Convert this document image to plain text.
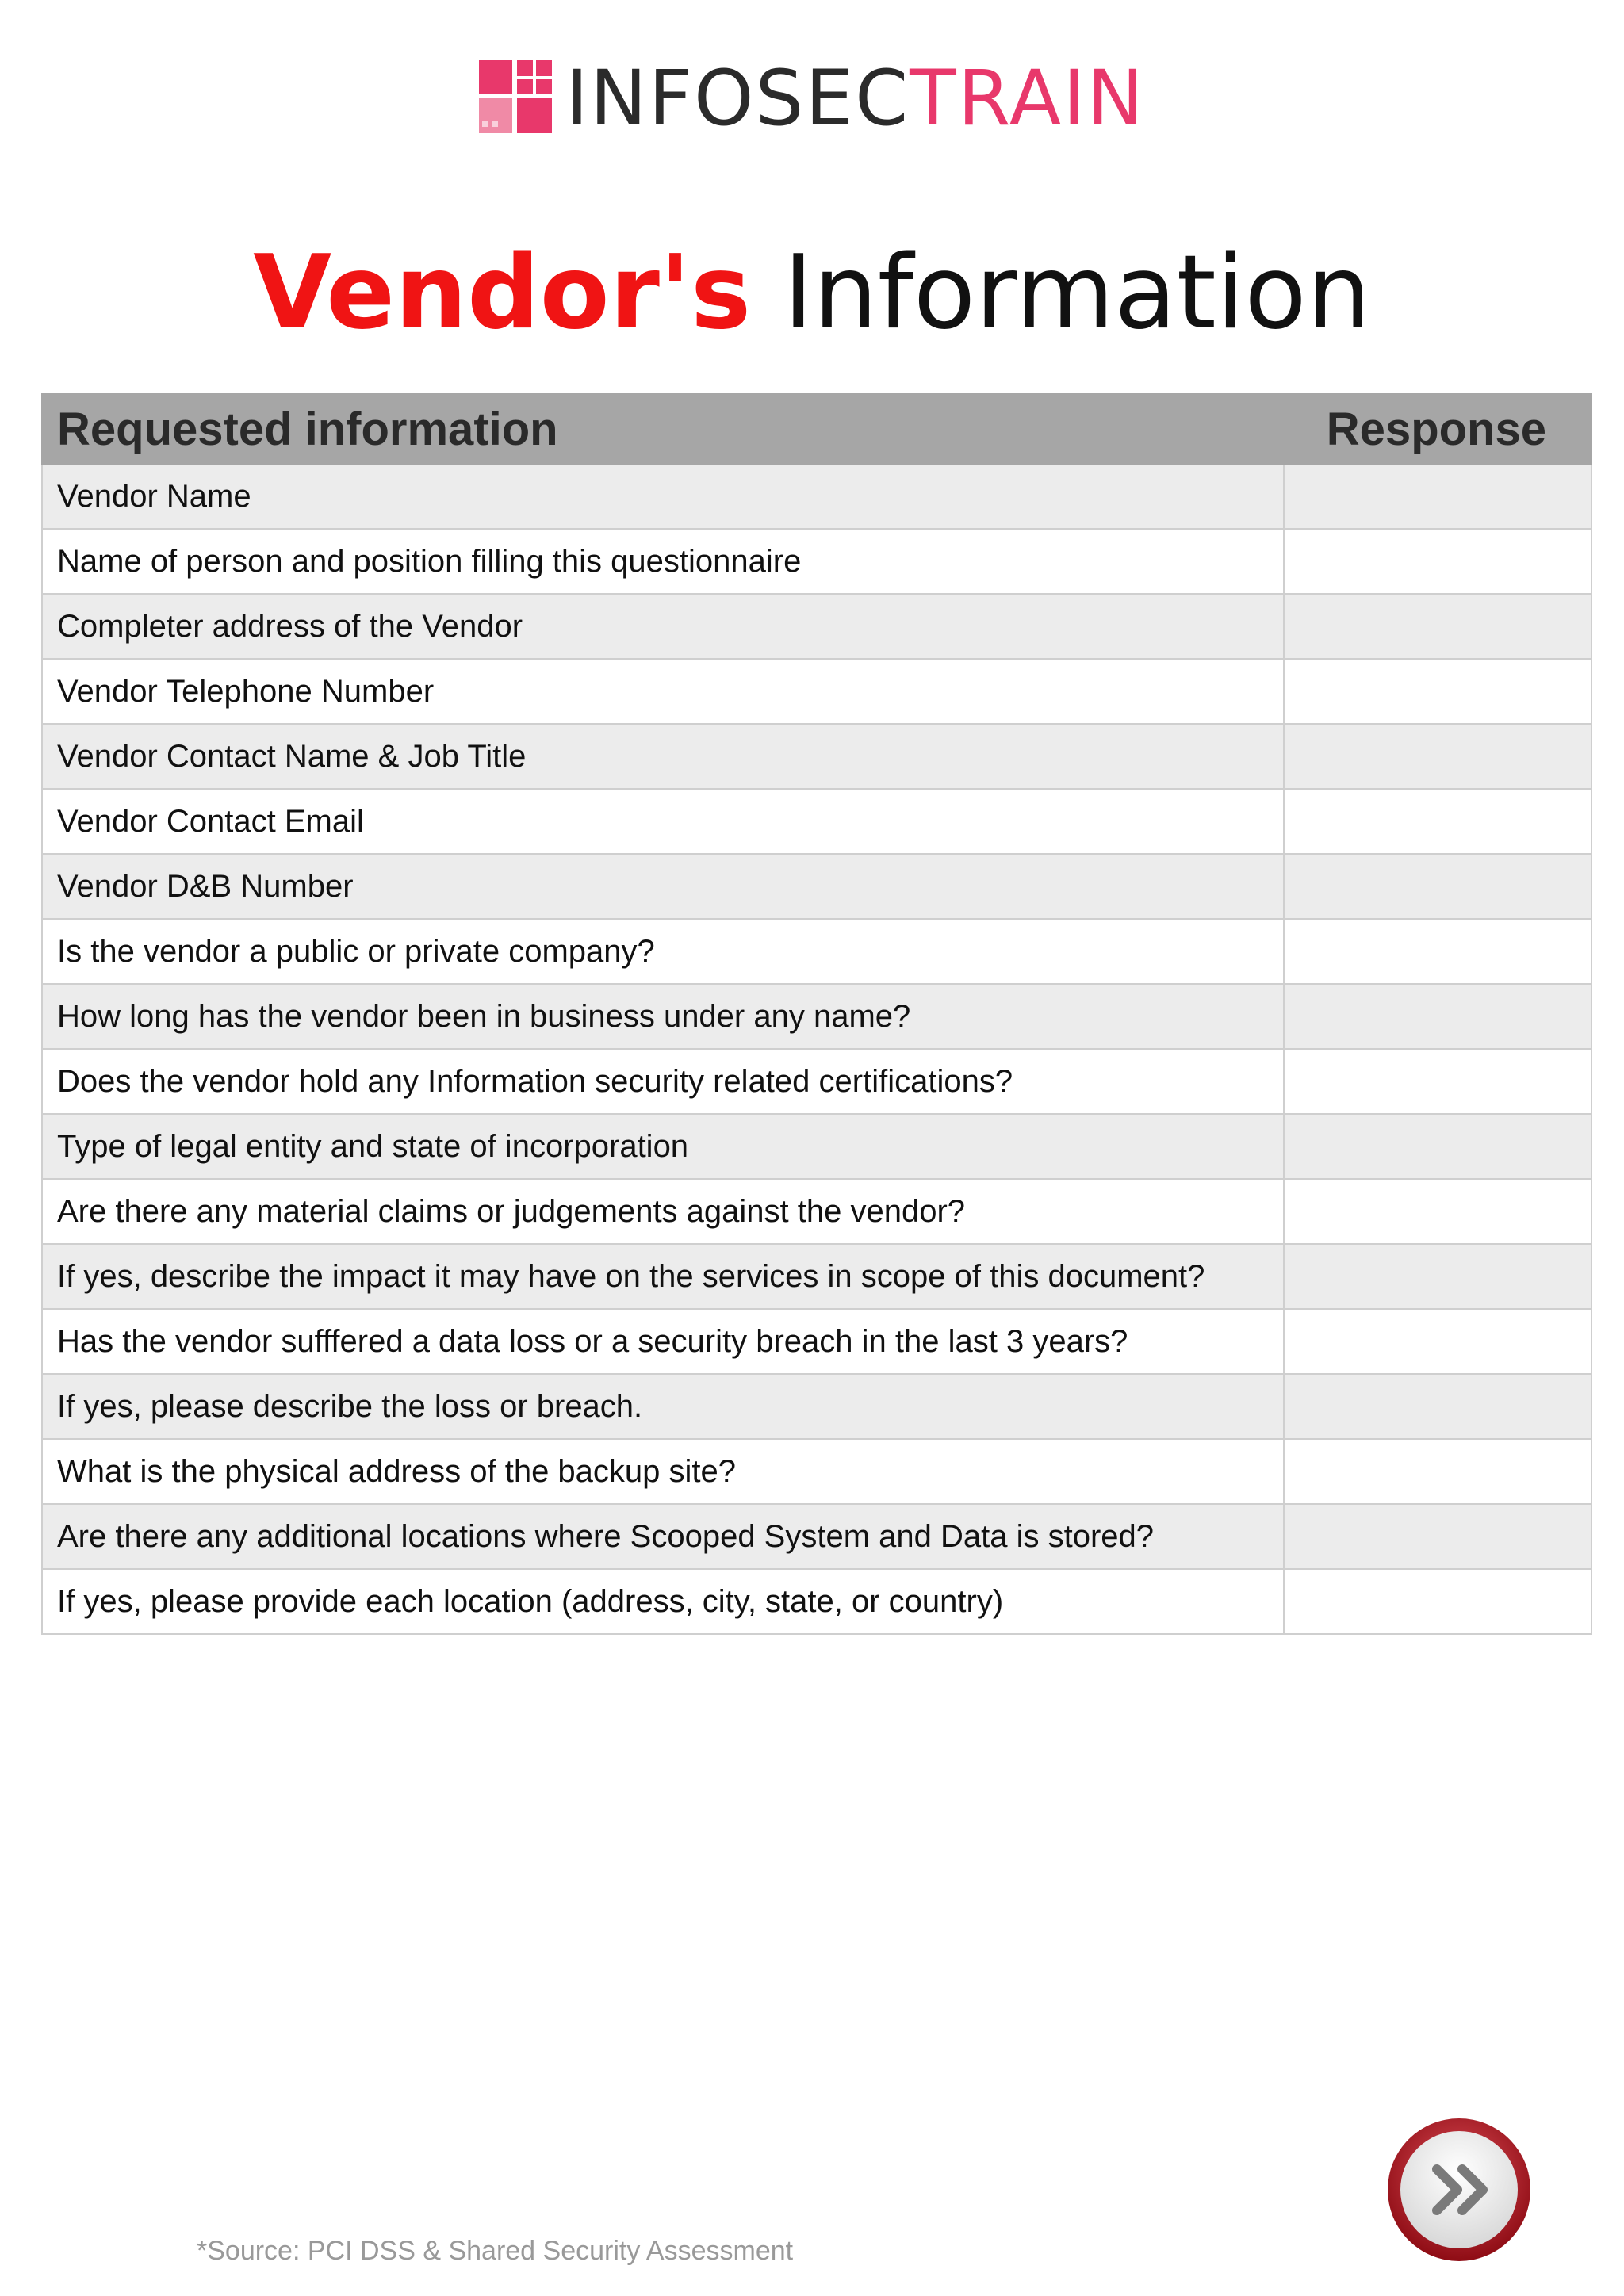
INFOSECTRAIN
Vendor's Information
Requested information	Response
Vendor Name	
Name of person and position filling this questionnaire	
Completer address of the Vendor	
Vendor Telephone Number	
Vendor Contact Name & Job Title	
Vendor Contact Email	
Vendor D&B Number	
Is the vendor a public or private company?	
How long has the vendor been in business under any name?	
Does the vendor hold any Information security related certifications?	
Type of legal entity and state of incorporation	
Are there any material claims or judgements against the vendor?	
If yes, describe the impact it may have on the services in scope of this document?	
Has the vendor sufffered a data loss or a security breach in the last 3 years?	
If yes, please describe the loss or breach.	
What is the physical address of the backup site?	
Are there any additional locations where Scooped System and Data is stored?	
If yes, please provide each location (address, city, state, or country)	
*Source: PCI DSS & Shared Security Assessment
